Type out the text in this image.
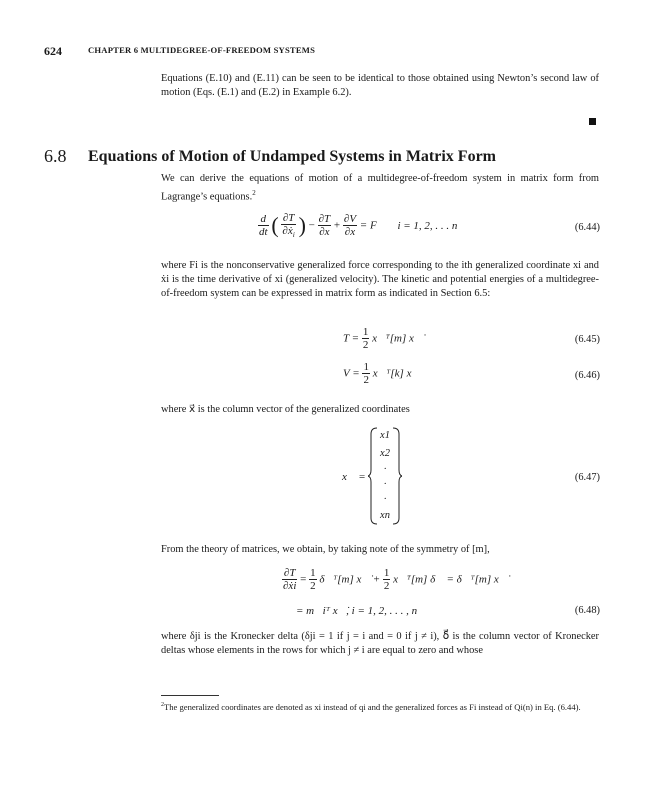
624	CHAPTER 6 MULTIDEGREE-OF-FREEDOM SYSTEMS
Equations (E.10) and (E.11) can be seen to be identical to those obtained using Newton’s second law of motion (Eqs. (E.1) and (E.2) in Example 6.2).
6.8 Equations of Motion of Undamped Systems in Matrix Form
We can derive the equations of motion of a multidegree-of-freedom system in matrix form from Lagrange’s equations.$^2$
$\frac{d}{dt}$ ( $\frac{\partial T}{\partial ẋ_i}$ ) − $\frac{\partial T}{\partial x} + \frac{\partial V}{\partial x} = F$ i = 1, 2, . . . n	(6.44)
where Fi is the nonconservative generalized force corresponding to the ith generalized coordinate xi and ẋi is the time derivative of xi (generalized velocity). The kinetic and potential energies of a multidegree-of-freedom system can be expressed in matrix form as indicated in Section 6.5:
$T = \frac{1}{2}$ x⃗̇ᵀ[m] x⃗̇	(6.45)
$V = \frac{1}{2}$ x⃗ᵀ[k] x⃗	(6.46)
where x⃗ is the column vector of the generalized coordinates
x⃗ =
x1
x2
·
·
·
xn
(6.47)
From the theory of matrices, we obtain, by taking note of the symmetry of [m],
$\frac{\partial T}{\text{∂ẋi}} = \frac{1}{2}$ δ⃗ᵀ[m] x⃗̇ + $\frac{1}{2}$ x⃗̇ᵀ[m] δ⃗ = δ⃗ᵀ[m] x⃗̇
= m⃗iᵀ x⃗̇, i = 1, 2, . . . , n	(6.48)
where δji is the Kronecker delta (δji = 1 if j = i and = 0 if j ≠ i), δ⃗ is the column vector of Kronecker deltas whose elements in the rows for which j ≠ i are equal to zero and whose
$^2$The generalized coordinates are denoted as xi instead of qi and the generalized forces as Fi instead of Qi(n) in Eq. (6.44).
